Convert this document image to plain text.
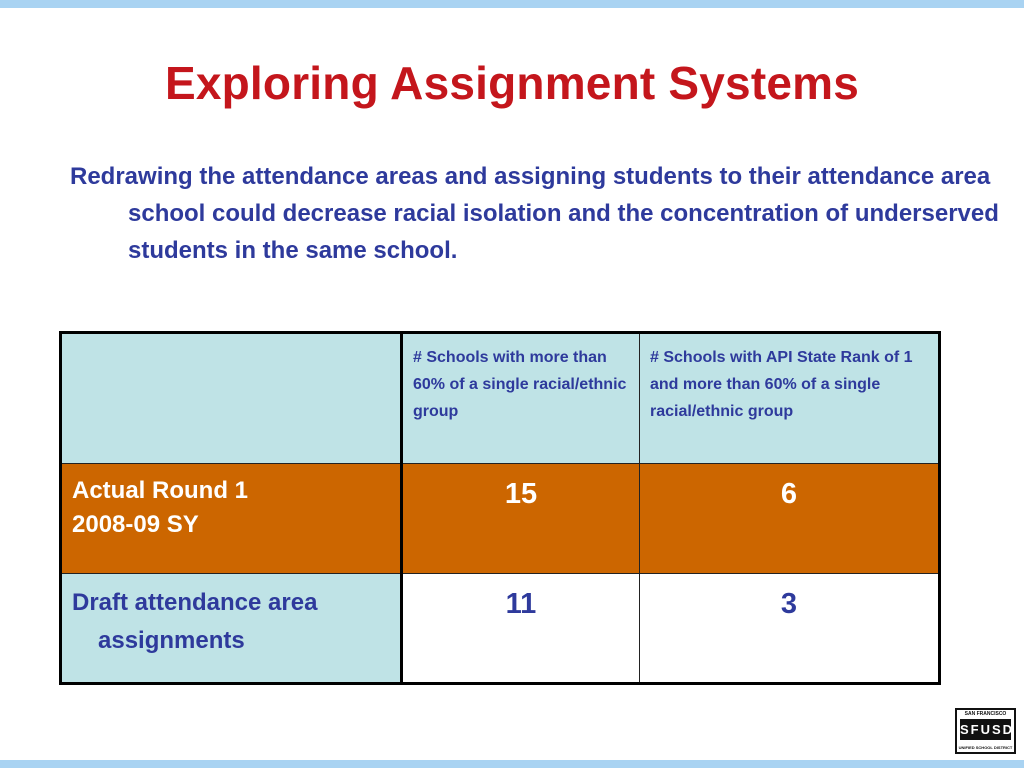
Exploring Assignment Systems
Redrawing the attendance areas and assigning students to their attendance area school could decrease racial isolation and the concentration of underserved students in the same school.

	# Schools with more than 60% of a single racial/ethnic group	# Schools with API State Rank of 1 and more than 60% of a single racial/ethnic group

Actual Round 1
2008-09 SY	15	6

Draft attendance area assignments	11	3
SAN FRANCISCO
SFUSD
UNIFIED SCHOOL DISTRICT
